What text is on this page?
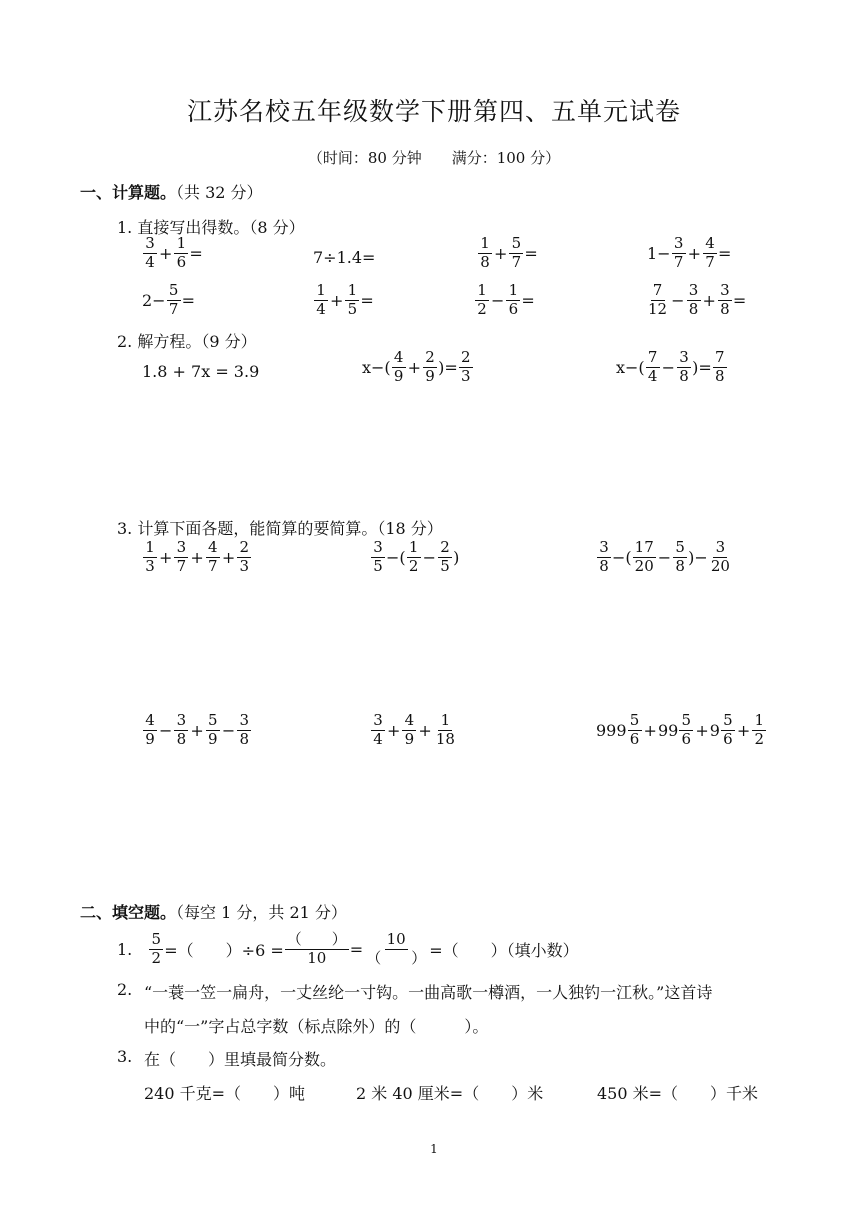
江苏名校五年级数学下册第四、五单元试卷
（时间：80 分钟　　满分：100 分）
一、计算题。（共 32 分）
1. 直接写出得数。（8 分）
$\frac{3}{4} + \frac{1}{6}$ =	7÷1.4=	$\frac{1}{8} + \frac{5}{7}$ =	$1- \frac{3}{7} + \frac{4}{7}$ =
$2- \frac{5}{7}$ =	$\frac{1}{4} + \frac{1}{5}$ =	$\frac{1}{2} - \frac{1}{6}$ =	$\frac{7}{12} - \frac{3}{8} + \frac{3}{8}$ =
2. 解方程。（9 分）
1.8 + 7x = 3.9	$x-( \frac{4}{9} + \frac{2}{9}$ )= $\frac{2}{3}$	$x-( \frac{7}{4} - \frac{3}{8}$ )= $\frac{7}{8}$
3. 计算下面各题，能简算的要简算。（18 分）
$\frac{1}{3} + \frac{3}{7} + \frac{4}{7} + \frac{2}{3}$	$\frac{3}{5}$ −( $\frac{1}{2} - \frac{2}{5}$ )	$\frac{3}{8}$ −( $\frac{17}{20} - \frac{5}{8}$ )− $\frac{3}{20}$
$\frac{4}{9} - \frac{3}{8} + \frac{5}{9} - \frac{3}{8}$	$\frac{3}{4} + \frac{4}{9} + \frac{1}{18}$	$999 \frac{5}{6} + 99 \frac{5}{6} + 9 \frac{5}{6} + \frac{1}{2}$
二、填空题。（每空 1 分，共 21 分）
1. $\frac{5}{2}$ =（　　）$\div 6 = \frac{( )}{10} = \frac{10}{( )}$ =（　　）（填小数）
2. “一蓑一笠一扁舟，一丈丝纶一寸钩。一曲高歌一樽酒，一人独钓一江秋。”这首诗
中的“一”字占总字数（标点除外）的（　　　）。
3. 在（　　）里填最简分数。
240 千克=（　　）吨	2 米 40 厘米=（　　）米	450 米=（　　）千米
1
